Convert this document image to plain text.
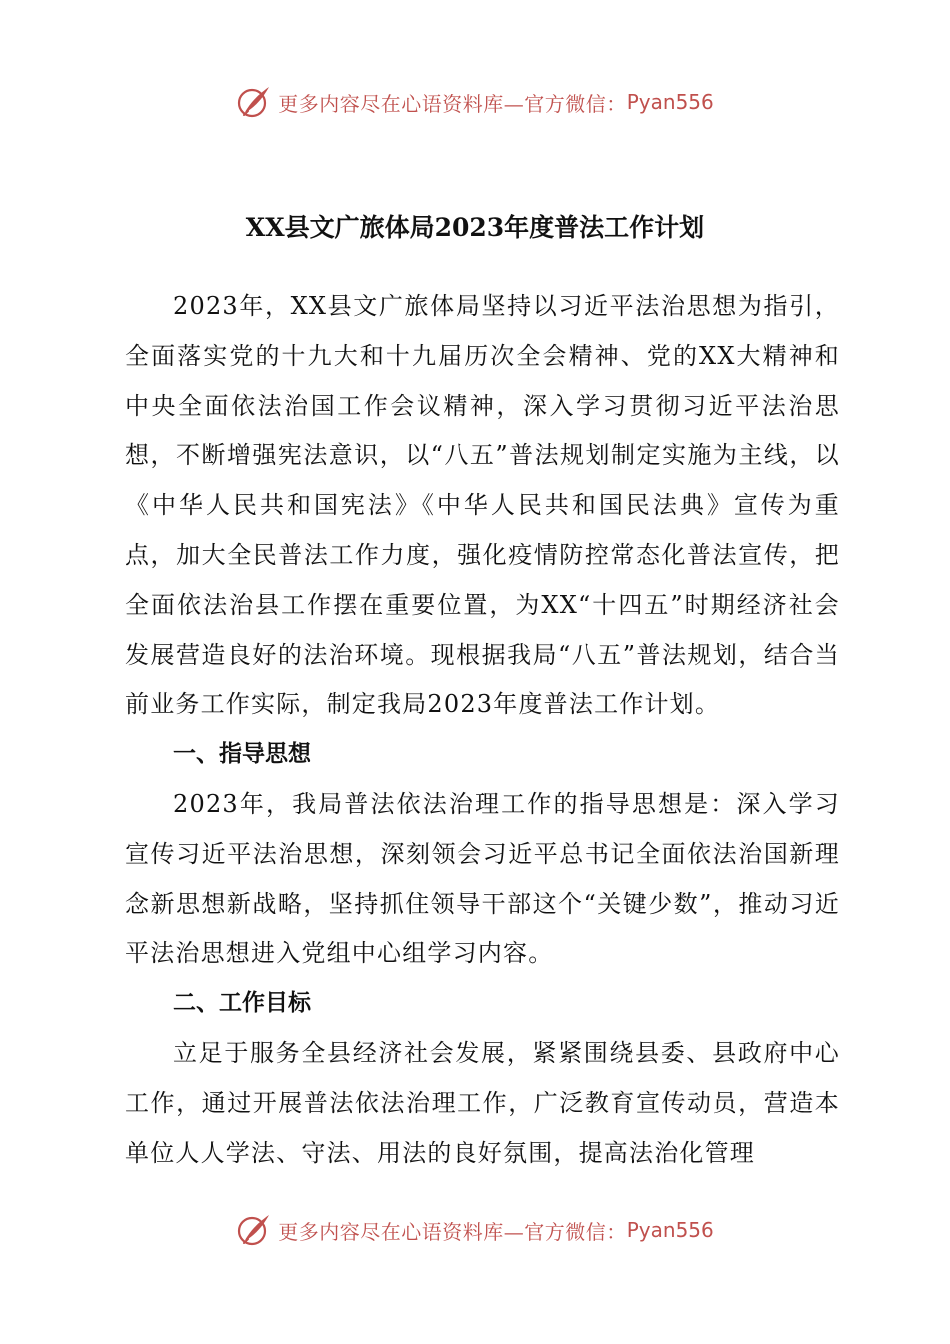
更多内容尽在心语资料库—官方微信： Pyan556
XX县文广旅体局2023年度普法工作计划

2023年，XX县文广旅体局坚持以习近平法治思想为指引，全面落实党的十九大和十九届历次全会精神、党的XX大精神和中央全面依法治国工作会议精神，深入学习贯彻习近平法治思想，不断增强宪法意识，以“八五”普法规划制定实施为主线，以《中华人民共和国宪法》《中华人民共和国民法典》宣传为重点，加大全民普法工作力度，强化疫情防控常态化普法宣传，把全面依法治县工作摆在重要位置，为XX“十四五”时期经济社会发展营造良好的法治环境。现根据我局“八五”普法规划，结合当前业务工作实际，制定我局2023年度普法工作计划。

一、指导思想

2023年，我局普法依法治理工作的指导思想是：深入学习宣传习近平法治思想，深刻领会习近平总书记全面依法治国新理念新思想新战略，坚持抓住领导干部这个“关键少数”，推动习近平法治思想进入党组中心组学习内容。

二、工作目标

立足于服务全县经济社会发展，紧紧围绕县委、县政府中心工作，通过开展普法依法治理工作，广泛教育宣传动员，营造本单位人人学法、守法、用法的良好氛围，提高法治化管理

更多内容尽在心语资料库—官方微信： Pyan556
